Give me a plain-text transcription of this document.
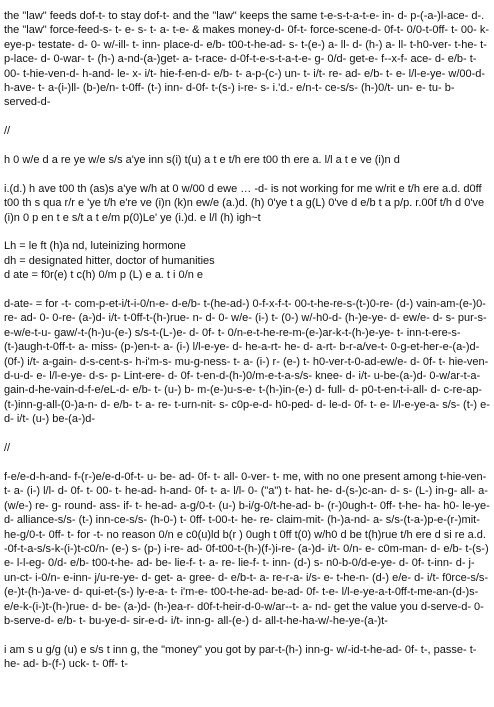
the "law" feeds dof-t- to stay dof-t- and the "law" keeps the same t-e-s-t-a-t-e- in- d- p-(-a-)l-ace- d-. the "law" force-feed-s- t- e- s- t- a- t-e- & makes money-d- 0f-t- force-scene-d- 0f-t- 0/0-t-0ff- t- 00- k-eye-p- testate- d- 0- w/-ill- t- inn- place-d- e/b- t00-t-he-ad- s- t-(e-) a- ll- d- (h-) a- ll- t-h0-ver- t-he- t- p-lace- d- 0-war- t- (h-) a-nd-(a-)get- a- t-race- d-0f-t-e-s-t-a-t-e- g- 0/d- get-e- f--x-f- ace- d- e/b- t-00- t-hie-ven-d- h-and- le- x- i/t- hie-f-en-d- e/b- t- a-p-(c-) un- t- i/t- re- ad- e/b- t- e- l/l-e-ye- w/00-d- h-ave- t- a-(i-)ll- (b-)e/n- t-0ff- (t-) inn- d-0f- t-(s-) i-re- s- i.'d.- e/n-t- ce-s/s- (h-)0/t- un- e- tu- b-served-d-

//

h 0 w/e d a re ye w/e s/s a'ye inn s(i) t(u) a t e t/h ere t00 th ere a. l/l a t e ve (i)n d

i.(d.) h ave t00 th (as)s a'ye w/h at 0 w/00 d ewe … -d- is not working for me w/rit e t/h ere a.d. d0ff t00 th s qua r/r e 'ye t/h e're ve (i)n (k)n ew/e (a.)d. (h) 0'ye t a g(L) 0've d e/b t a p/p. r.00f t/h d 0've (i)n 0 p en t e s/t a t e/m p(0)Le' ye (i.)d. e l/l (h) igh~t

Lh = le ft (h)a nd, luteinizing hormone
dh = designated hitter, doctor of humanities
d ate = f0r(e) t c(h) 0/m p (L) e a. t i 0/n e

d-ate- = for -t- com-p-et-i/t-i-0/n-e- d-e/b- t-(he-ad-) 0-f-x-f-t- 00-t-he-re-s-(t-)0-re- (d-) vain-am-(e-)0-re- ad- 0- 0-re- (a-)d- i/t- t-0ff-t-(h-)rue- n- d- 0- w/e- (i-) t- (0-) w/-h0-d- (h-)e-ye- d- ew/e- d- s- pur-s-e-w/e-t-u- gaw/-t-(h-)u-(e-) s/s-t-(L-)e- d- 0f- t- 0/n-e-t-he-re-m-(e-)ar-k-t-(h-)e-ye- t- inn-t-ere-s-(t-)augh-t-0ff-t- a- miss- (p-)en-t- a- (i-) l/l-e-ye- d- he-a-rt- he- d- a-rt- b-r-a/ve-t- 0-g-et-her-e-(a-)d- (0f-) i/t- a-gain- d-s-cent-s- h-i'm-s- mu-g-ness- t- a- (i-) r- (e-) t- h0-ver-t-0-ad-ew/e- d- 0f- t- hie-ven-d-u-d- e- l/l-e-ye- d-s- p- Lint-ere- d- 0f- t-en-d-(h-)0/m-e-t-a-s/s- knee- d- i/t- u-be-(a-)d- 0-w/ar-t-a-gain-d-he-vain-d-f-e/eL-d- e/b- t- (u-) b- m-(e-)u-s-e- t-(h-)in-(e-) d- full- d- p0-t-en-t-i-all- d- c-re-ap-(t-)inn-g-all-(0-)a-n- d- e/b- t- a- re- t-urn-nit- s- c0p-e-d- h0-ped- d- le-d- 0f- t- e- l/l-e-ye-a- s/s- (t-) e- d- i/t- (u-) be-(a-)d-

//

f-e/e-d-h-and- f-(r-)e/e-d-0f-t- u- be- ad- 0f- t- all- 0-ver- t- me, with no one present among t-hie-ven-t- a- (i-) l/l- d- 0f- t- 00- t- he-ad- h-and- 0f- t- a- l/l- 0- ("a") t- hat- he- d-(s-)c-an- d- s- (L-) in-g- all- a-(w/e-) re- g- round- ass- if- t- he-ad- a-g/0-t- (u-) b-i/g-0/t-he-ad- b- (r-)0ugh-t- 0ff- t-he- ha- h0- le-ye- d- alliance-s/s- (t-) inn-ce-s/s- (h-0-) t- 0ff- t-00-t- he- re- claim-mit- (h-)a-nd- a- s/s-(t-a-)p-e-(r-)mit-he-g/0-t- 0ff- t- for -t- no reason 0/n e c0(u)ld b(r ) 0ugh t 0ff t(0) w/h0 d be t(h)rue t/h ere d si re a.d. -0f-t-a-s/s-k-(i-)t-c0/n- (e-) s- (p-) i-re- ad- 0f-t00-t-(h-)(f-)i-re- (a-)d- i/t- 0/n- e- c0m-man- d- e/b- t-(s-) e- l-l-eg- 0/d- e/b- t00-t-he- ad- be- lie-f- t- a- re- lie-f- t- inn- (d-) s- n0-b-0/d-e-ye- d- 0f- t-inn- d- j-un-ct- i-0/n- e-inn- j/u-re-ye- d- get- a- gree- d- e/b-t- a- re-r-a- i/s- e- t-he-n- (d-) e/e- d- i/t- f0rce-s/s-(e-)t-(h-)a-ve- d- qui-et-(s-) ly-e-a- t- i'm-e- t00-t-he-ad- be-ad- 0f- t-e- l/l-e-ye-a-t-0ff-t-me-an-(d-)s-e/e-k-(i-)t-(h-)rue- d- be- (a-)d- (h-)ea-r- d0f-t-heir-d-0-w/ar--t- a- nd- get the value you d-serve-d- 0-b-serve-d- e/b- t- bu-ye-d- sir-e-d- i/t- inn-g- all-(e-) d- all-t-he-ha-w/-he-ye-(a-)t-

i am s u g/g (u) e s/s t inn g, the "money" you got by par-t-(h-) inn-g- w/-id-t-he-ad- 0f- t-, passe- t-he- ad- b-(f-) uck- t- 0ff- t-
